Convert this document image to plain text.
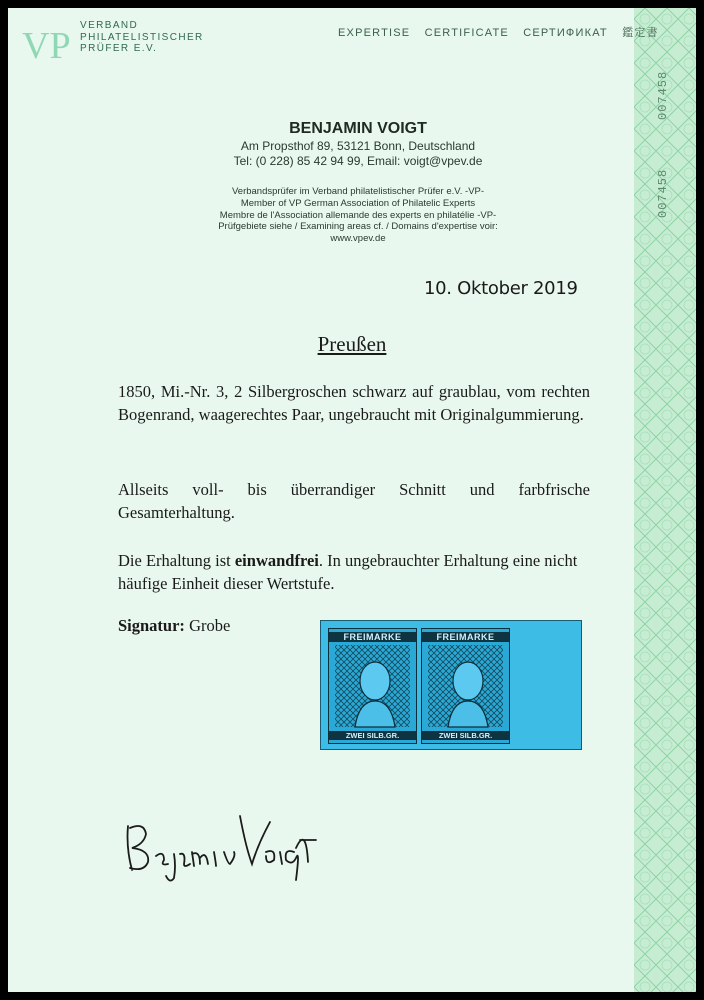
007458
007458
VP VERBAND
PHILATELISTISCHER
PRÜFER E.V.
EXPERTISE CERTIFICATE СЕРТИФИКАТ 鑑定書
BENJAMIN VOIGT
Am Propsthof 89, 53121 Bonn, Deutschland
Tel: (0 228) 85 42 94 99, Email: voigt@vpev.de
Verbandsprüfer im Verband philatelistischer Prüfer e.V. -VP-
Member of VP German Association of Philatelic Experts
Membre de l'Association allemande des experts en philatélie -VP-
Prüfgebiete siehe / Examining areas cf. / Domains d'expertise voir:
www.vpev.de
10. Oktober 2019
Preußen
1850, Mi.-Nr. 3, 2 Silbergroschen schwarz auf graublau, vom rechten Bogenrand, waagerechtes Paar, ungebraucht mit Originalgummierung.
Allseits voll- bis überrandiger Schnitt und farbfrische Gesamterhaltung.
Die Erhaltung ist einwandfrei. In ungebrauchter Erhaltung eine nicht häufige Einheit dieser Wertstufe.
Signatur: Grobe
FREIMARKE
ZWEI SILB.GR.
FREIMARKE
ZWEI SILB.GR.
